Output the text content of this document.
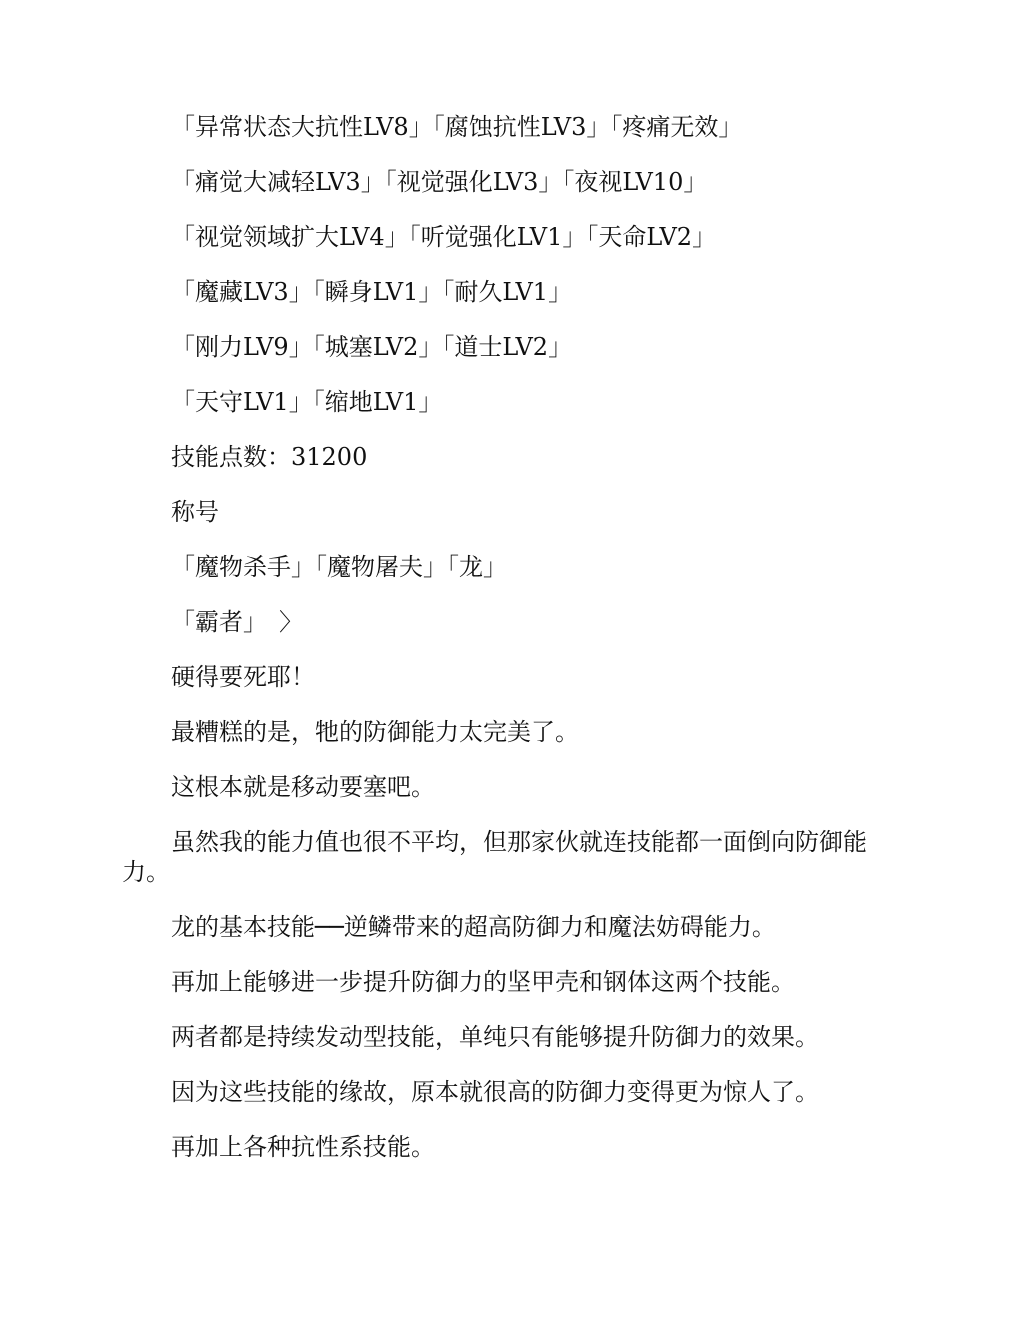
「异常状态大抗性LV8」「腐蚀抗性LV3」「疼痛无效」

「痛觉大减轻LV3」「视觉强化LV3」「夜视LV10」

「视觉领域扩大LV4」「听觉强化LV1」「天命LV2」

「魔藏LV3」「瞬身LV1」「耐久LV1」

「刚力LV9」「城塞LV2」「道士LV2」

「天守LV1」「缩地LV1」

技能点数：31200

称号

「魔物杀手」「魔物屠夫」「龙」

「霸者」　〉

硬得要死耶！

最糟糕的是，牠的防御能力太完美了。

这根本就是移动要塞吧。

虽然我的能力值也很不平均，但那家伙就连技能都一面倒向防御能力。

龙的基本技能──逆鳞带来的超高防御力和魔法妨碍能力。

再加上能够进一步提升防御力的坚甲壳和钢体这两个技能。

两者都是持续发动型技能，单纯只有能够提升防御力的效果。

因为这些技能的缘故，原本就很高的防御力变得更为惊人了。

再加上各种抗性系技能。
